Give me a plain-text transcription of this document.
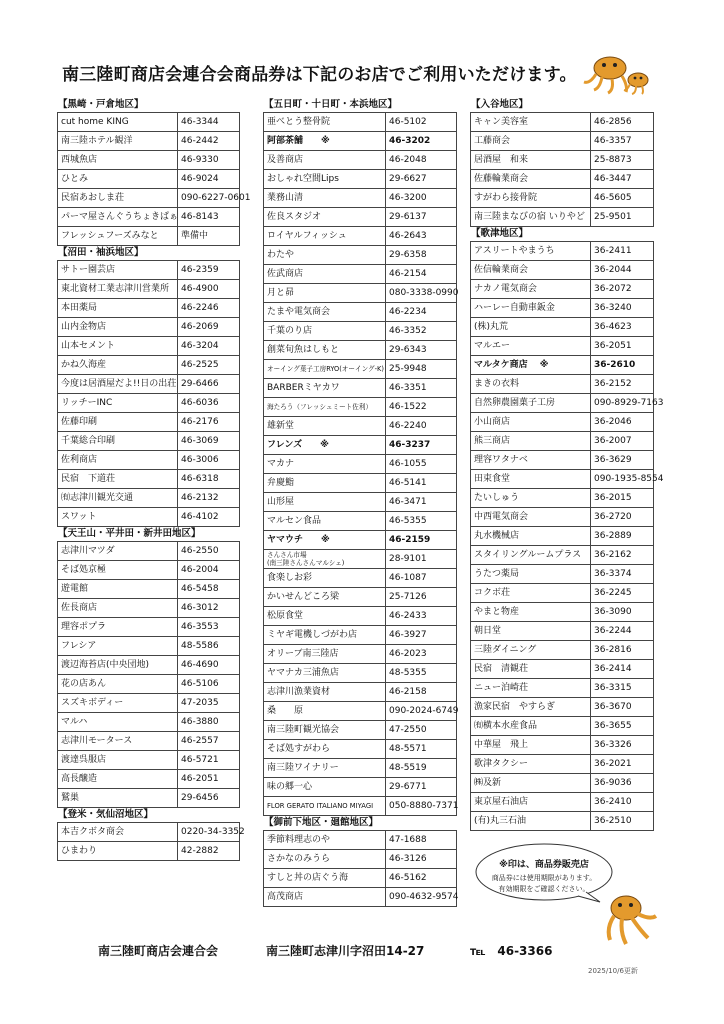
南三陸町商店会連合会商品券は下記のお店でご利用いただけます。
【黒崎・戸倉地区】
cut home KING	46-3344
南三陸ホテル観洋	46-2442
西城魚店	46-9330
ひとみ	46-9024
民宿あおしま荘	090-6227-0601
パーマ屋さんぐうちょきぱぁ	46-8143
フレッシュフーズみなと	準備中
【沼田・袖浜地区】
サトー園芸店	46-2359
東北資材工業志津川営業所	46-4900
本田薬局	46-2246
山内金物店	46-2069
山本セメント	46-3204
かね久海産	46-2525
今度は居酒屋だよ!!日の出荘	29-6466
リッチーINC	46-6036
佐藤印刷	46-2176
千葉総合印刷	46-3069
佐利商店	46-3006
民宿　下道荘	46-6318
㈲志津川観光交通	46-2132
スワット	46-4102
【天王山・平井田・新井田地区】
志津川マツダ	46-2550
そば処京極	46-2004
遊電館	46-5458
佐長商店	46-3012
理容ポプラ	46-3553
フレシア	48-5586
渡辺海苔店(中央団地)	46-4690
花の店あん	46-5106
スズキボディー	47-2035
マルハ	46-3880
志津川モータース	46-2557
渡達呉服店	46-5721
高長醸造	46-2051
鷲巣	29-6456
【登米・気仙沼地区】
本吉クボタ商会	0220-34-3352
ひまわり	42-2882
【五日町・十日町・本浜地区】
亜べとう整骨院	46-5102
阿部茶舗　　※	46-3202
及善商店	46-2048
おしゃれ空間Lips	29-6627
業務山清	46-3200
佐良スタジオ	29-6137
ロイヤルフィッシュ	46-2643
わたや	29-6358
佐武商店	46-2154
月と昴	080-3338-0990
たまや電気商会	46-2234
千葉のり店	46-3352
創菜旬魚はしもと	29-6343
オーイング菓子工房RYO(オーイング-K)	25-9948
BARBERミヤカワ	46-3351
海たろう（フレッシュミート佐利）	46-1522
雄新堂	46-2240
フレンズ　　※	46-3237
マカナ	46-1055
弁慶鮨	46-5141
山形屋	46-3471
マルセン食品	46-5355
ヤマウチ　　※	46-2159

さんさん市場
(南三陸さんさんマルシェ)	28-9101
食楽しお彩	46-1087
かいせんどころ梁	25-7126
松原食堂	46-2433
ミヤギ電機しづがわ店	46-3927
オリーブ南三陸店	46-2023
ヤマナカ三浦魚店	48-5355
志津川漁業資材	46-2158
桑　　原	090-2024-6749
南三陸町観光協会	47-2550
そば処すがわら	48-5571
南三陸ワイナリー	48-5519
味の郷一心	29-6771
FLOR GERATO ITALIANO MIYAGI	050-8880-7371
【御前下地区・廻館地区】
季節料理志のや	47-1688
さかなのみうら	46-3126
すしと丼の店ぐう海	46-5162
高茂商店	090-4632-9574
【入谷地区】
キャン美容室	46-2856
工藤商会	46-3357
居酒屋　和来	25-8873
佐藤輪業商会	46-3447
すがわら接骨院	46-5605
南三陸まなびの宿 いりやど	25-9501
【歌津地区】
アスリートやまうち	36-2411
佐信輪業商会	36-2044
ナカノ電気商会	36-2072
ハーレー自動車鈑金	36-3240
(株)丸荒	36-4623
マルエー	36-2051
マルタケ商店　 ※	36-2610
まきの衣料	36-2152
自然卵農園菓子工房	090-8929-7163
小山商店	36-2046
熊三商店	36-2007
理容ワタナベ	36-3629
田束食堂	090-1935-8554
たいしゅう	36-2015
中西電気商会	36-2720
丸水機械店	36-2889
スタイリングルームプラス	36-2162
うたつ薬局	36-3374
コクボ荘	36-2245
やまと物産	36-3090
朝日堂	36-2244
三陸ダイニング	36-2816
民宿　清観荘	36-2414
ニュー泊崎荘	36-3315
漁家民宿　やすらぎ	36-3670
㈲横本水産食品	36-3655
中華屋　飛上	36-3326
歌津タクシー	36-2021
㈱及新	36-9036
東京屋石油店	36-2410
(有)丸三石油	36-2510
※印は、商品券販売店
商品券には使用期限があります。
有効期限をご確認ください。
南三陸町商店会連合会	南三陸町志津川字沼田14-27	℡　46-3366
2025/10/6更新
